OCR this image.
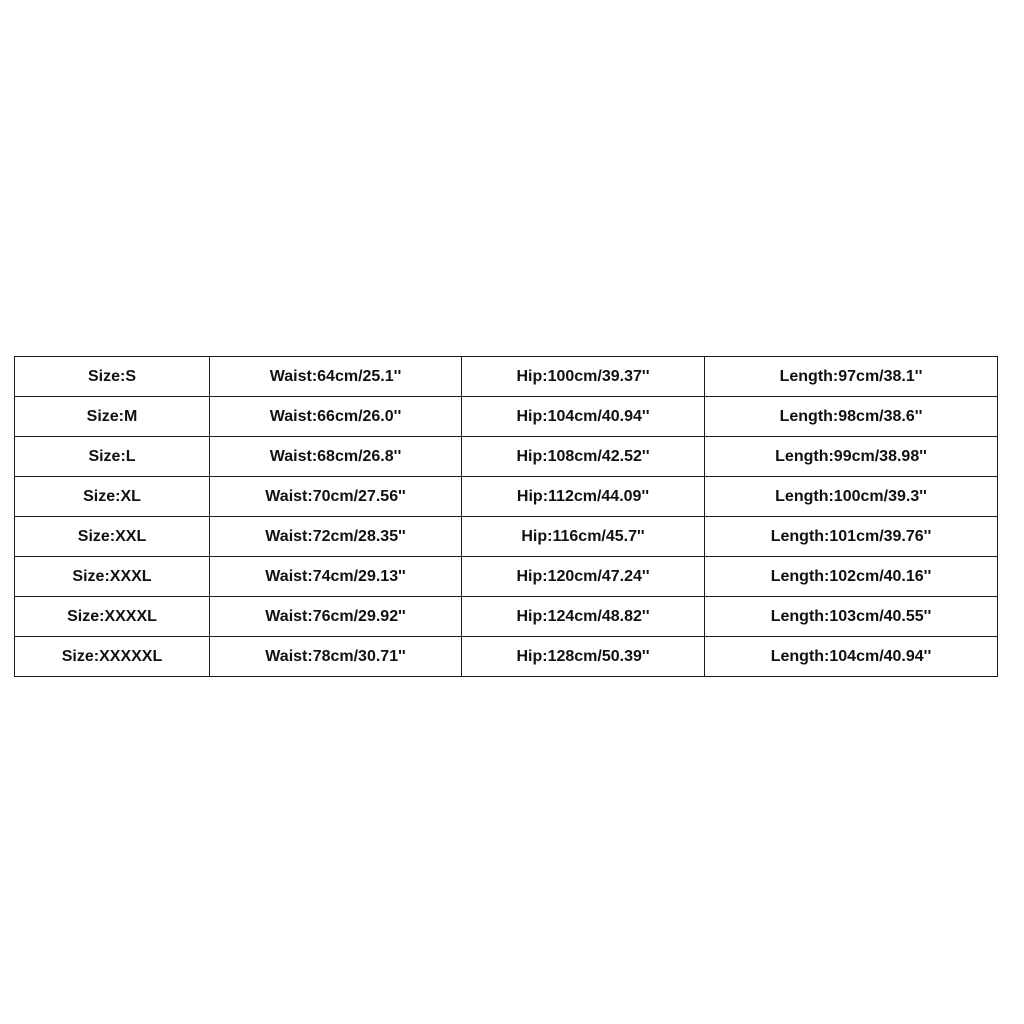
Size:S	Waist:64cm/25.1''	Hip:100cm/39.37''	Length:97cm/38.1''
Size:M	Waist:66cm/26.0''	Hip:104cm/40.94''	Length:98cm/38.6''
Size:L	Waist:68cm/26.8''	Hip:108cm/42.52''	Length:99cm/38.98''
Size:XL	Waist:70cm/27.56''	Hip:112cm/44.09''	Length:100cm/39.3''
Size:XXL	Waist:72cm/28.35''	Hip:116cm/45.7''	Length:101cm/39.76''
Size:XXXL	Waist:74cm/29.13''	Hip:120cm/47.24''	Length:102cm/40.16''
Size:XXXXL	Waist:76cm/29.92''	Hip:124cm/48.82''	Length:103cm/40.55''
Size:XXXXXL	Waist:78cm/30.71''	Hip:128cm/50.39''	Length:104cm/40.94''
